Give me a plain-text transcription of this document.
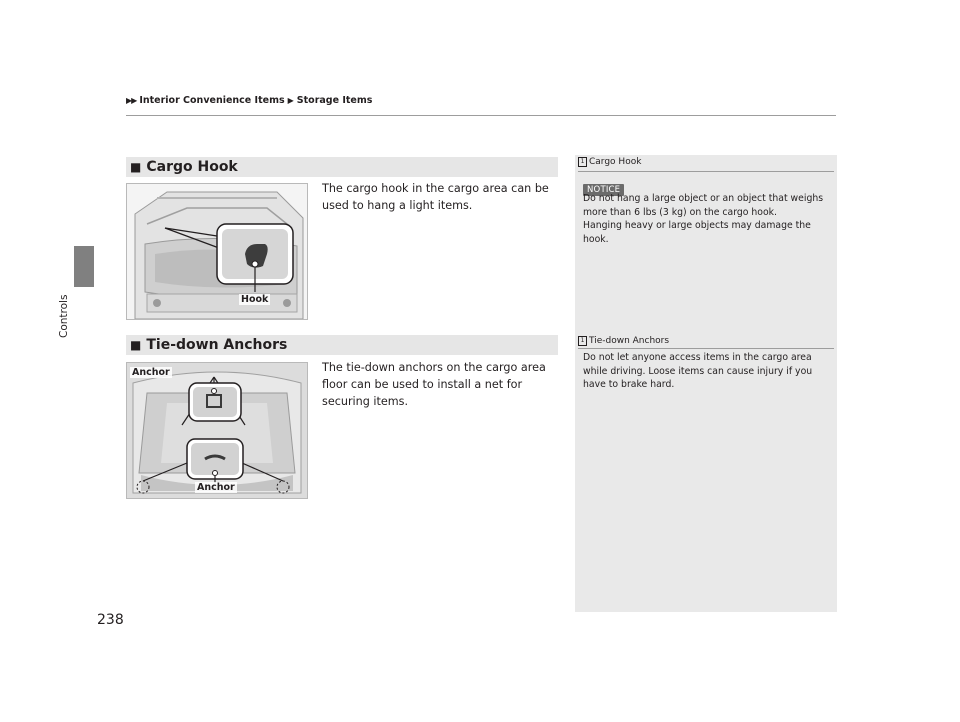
▶▶ Interior Convenience Items ▶ Storage Items
Controls
238
■ Cargo Hook
Hook
The cargo hook in the cargo area can be used to hang a light items.
■ Tie-down Anchors
Anchor
Anchor
The tie-down anchors on the cargo area floor can be used to install a net for securing items.
1 Cargo Hook
NOTICE
Do not hang a large object or an object that weighs more than 6 lbs (3 kg) on the cargo hook.
Hanging heavy or large objects may damage the hook.
1 Tie-down Anchors
Do not let anyone access items in the cargo area while driving. Loose items can cause injury if you have to brake hard.
